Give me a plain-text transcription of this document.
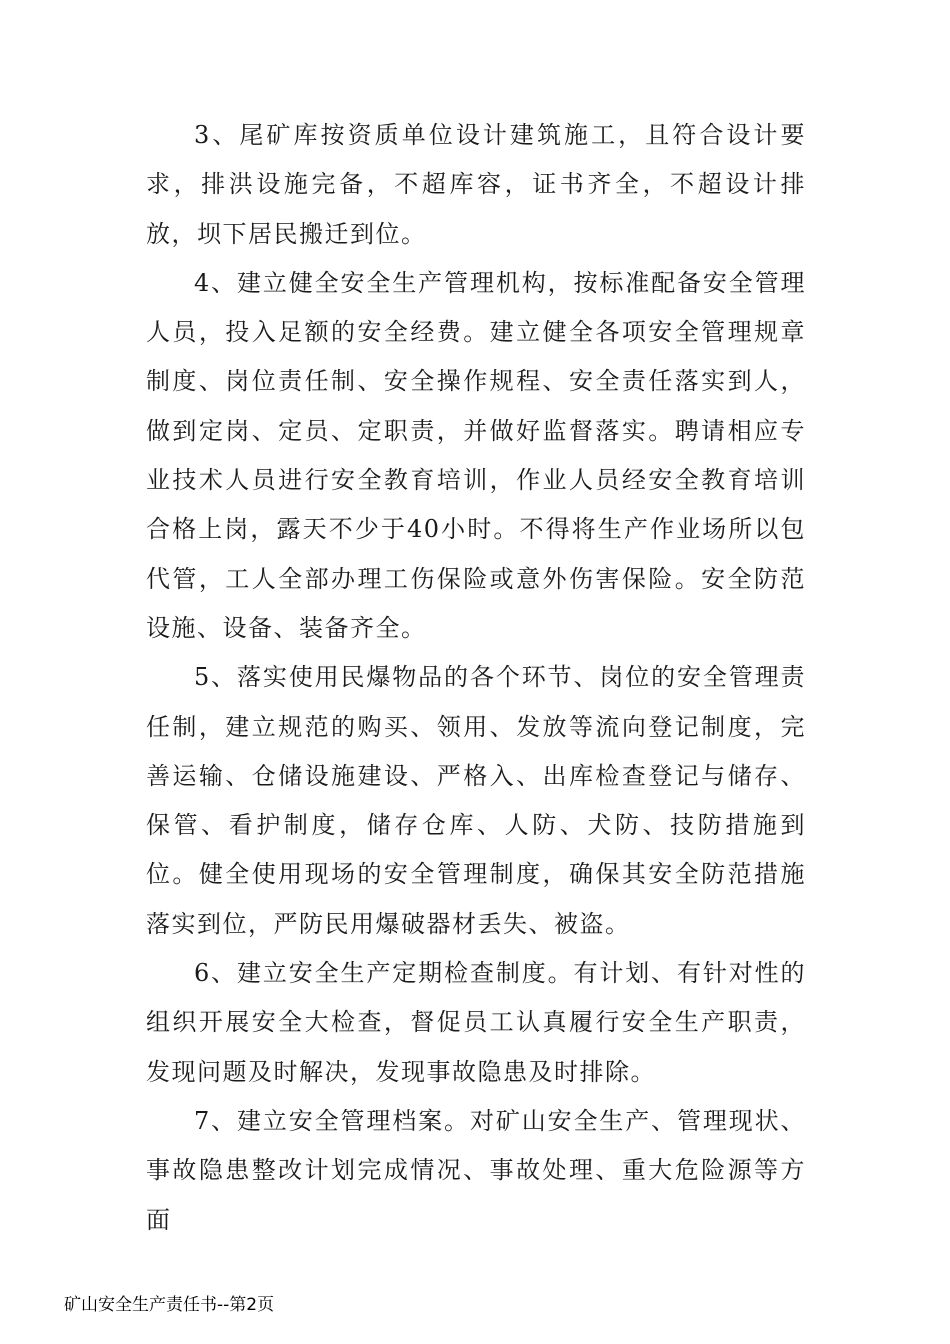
3、尾矿库按资质单位设计建筑施工，且符合设计要求，排洪设施完备，不超库容，证书齐全，不超设计排放，坝下居民搬迁到位。

4、建立健全安全生产管理机构，按标准配备安全管理人员，投入足额的安全经费。建立健全各项安全管理规章制度、岗位责任制、安全操作规程、安全责任落实到人，做到定岗、定员、定职责，并做好监督落实。聘请相应专业技术人员进行安全教育培训，作业人员经安全教育培训合格上岗，露天不少于40小时。不得将生产作业场所以包代管，工人全部办理工伤保险或意外伤害保险。安全防范设施、设备、装备齐全。

5、落实使用民爆物品的各个环节、岗位的安全管理责任制，建立规范的购买、领用、发放等流向登记制度，完善运输、仓储设施建设、严格入、出库检查登记与储存、保管、看护制度，储存仓库、人防、犬防、技防措施到位。健全使用现场的安全管理制度，确保其安全防范措施落实到位，严防民用爆破器材丢失、被盗。

6、建立安全生产定期检查制度。有计划、有针对性的组织开展安全大检查，督促员工认真履行安全生产职责，发现问题及时解决，发现事故隐患及时排除。

7、建立安全管理档案。对矿山安全生产、管理现状、事故隐患整改计划完成情况、事故处理、重大危险源等方面

矿山安全生产责任书--第2页
